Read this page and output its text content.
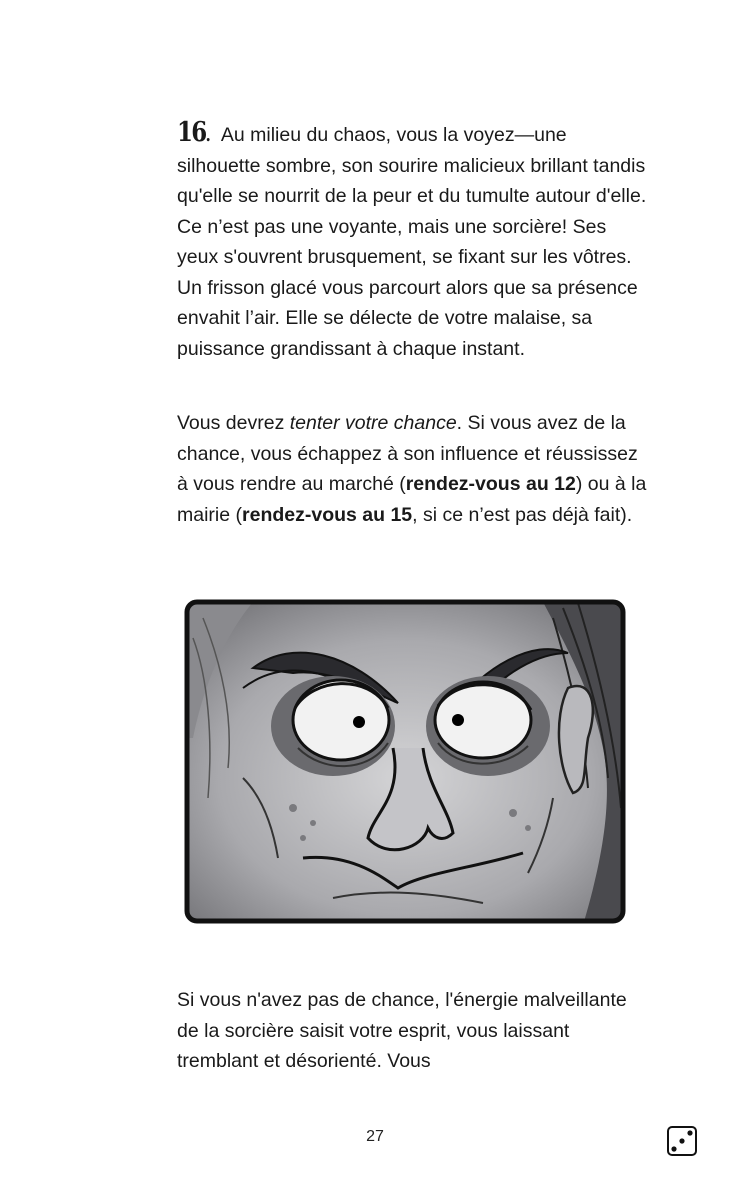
16. Au milieu du chaos, vous la voyez—une silhouette sombre, son sourire malicieux brillant tandis qu'elle se nourrit de la peur et du tumulte autour d'elle. Ce n’est pas une voyante, mais une sorcière! Ses yeux s'ouvrent brusquement, se fixant sur les vôtres. Un frisson glacé vous parcourt alors que sa présence envahit l’air. Elle se délecte de votre malaise, sa puissance grandissant à chaque instant.

Vous devrez tenter votre chance. Si vous avez de la chance, vous échappez à son influence et réussissez à vous rendre au marché (rendez-vous au 12) ou à la mairie (rendez-vous au 15, si ce n’est pas déjà fait).

Si vous n'avez pas de chance, l'énergie malveillante de la sorcière saisit votre esprit, vous laissant tremblant et désorienté. Vous

27
